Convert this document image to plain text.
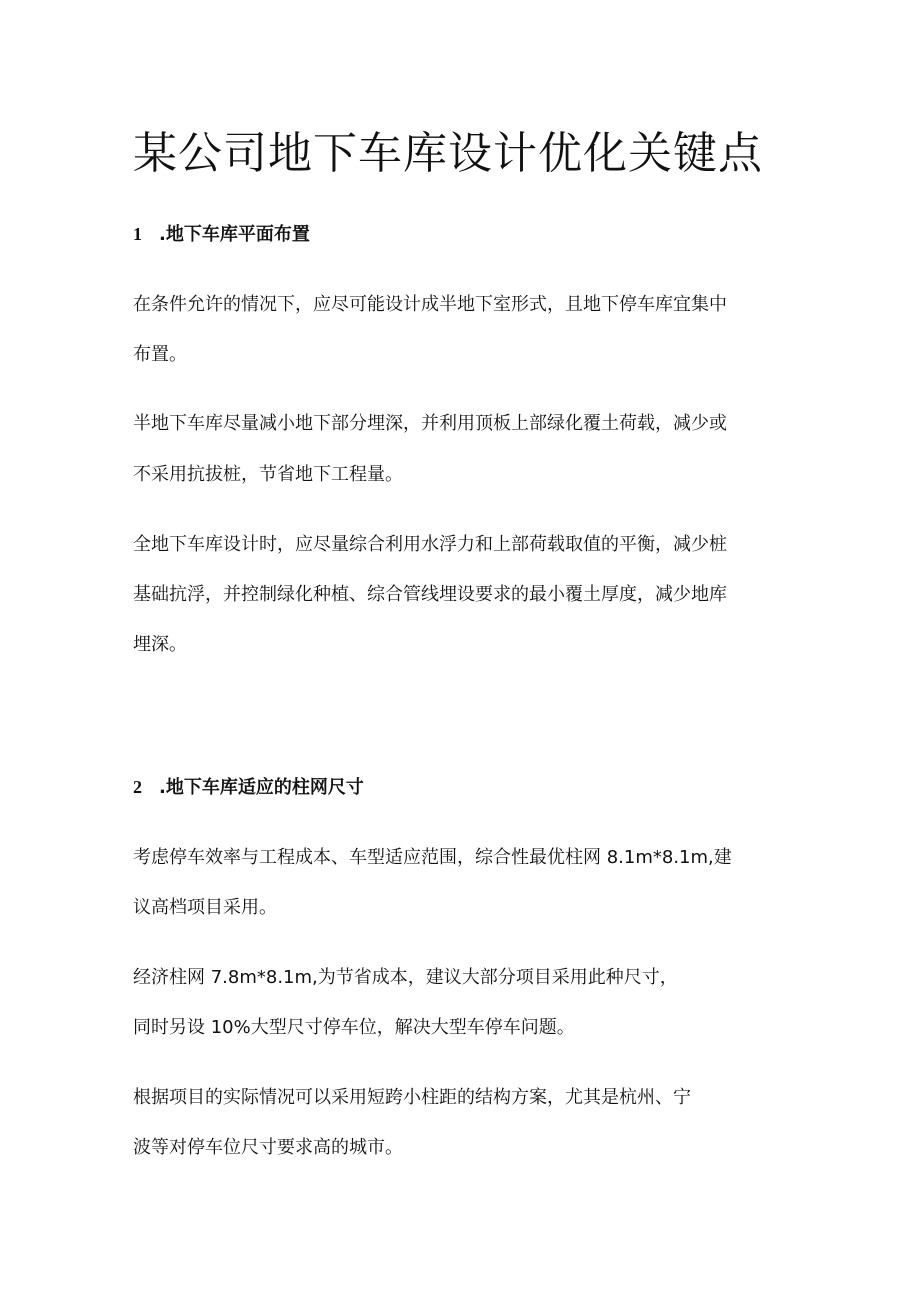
某公司地下车库设计优化关键点
1 .地下车库平面布置

在条件允许的情况下，应尽可能设计成半地下室形式，且地下停车库宜集中

布置。

半地下车库尽量减小地下部分埋深，并利用顶板上部绿化覆土荷载，减少或

不采用抗拔桩，节省地下工程量。

全地下车库设计时，应尽量综合利用水浮力和上部荷载取值的平衡，减少桩

基础抗浮，并控制绿化种植、综合管线埋设要求的最小覆土厚度，减少地库

埋深。

2 .地下车库适应的柱网尺寸

考虑停车效率与工程成本、车型适应范围，综合性最优柱网 8.1m*8.1m,建

议高档项目采用。

经济柱网 7.8m*8.1m,为节省成本，建议大部分项目采用此种尺寸，

同时另设 10%大型尺寸停车位，解决大型车停车问题。

根据项目的实际情况可以采用短跨小柱距的结构方案，尤其是杭州、宁

波等对停车位尺寸要求高的城市。
